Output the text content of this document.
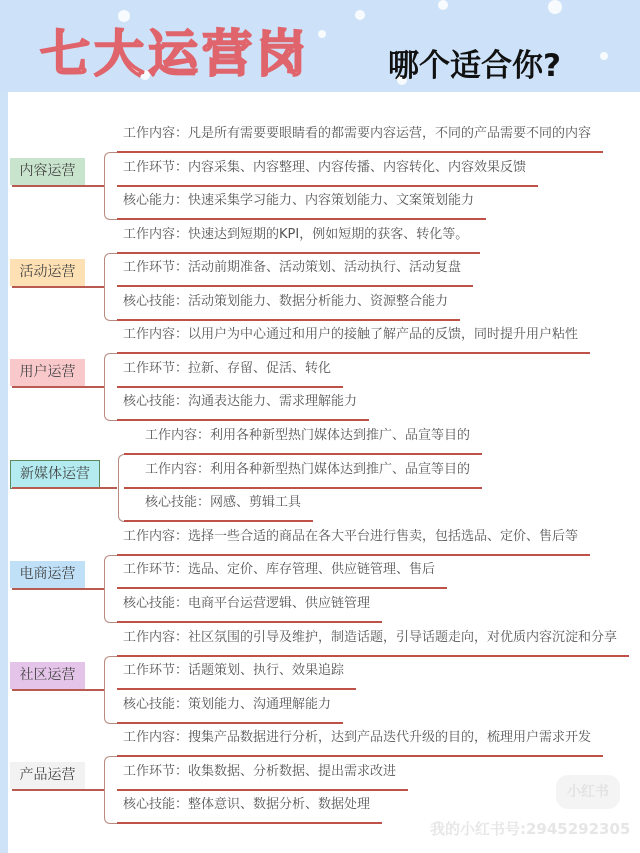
七大运营岗	哪个适合你?
内容运营
工作内容：凡是所有需要要眼睛看的都需要内容运营，不同的产品需要不同的内容
工作环节：内容采集、内容整理、内容传播、内容转化、内容效果反馈
核心能力：快速采集学习能力、内容策划能力、文案策划能力
活动运营
工作内容：快速达到短期的KPI，例如短期的获客、转化等。
工作环节：活动前期准备、活动策划、活动执行、活动复盘
核心技能：活动策划能力、数据分析能力、资源整合能力
用户运营
工作内容：以用户为中心通过和用户的接触了解产品的反馈，同时提升用户粘性
工作环节：拉新、存留、促活、转化
核心技能：沟通表达能力、需求理解能力
新媒体运营
工作内容：利用各种新型热门媒体达到推广、品宣等目的
工作内容：利用各种新型热门媒体达到推广、品宣等目的
核心技能：网感、剪辑工具
电商运营
工作内容：选择一些合适的商品在各大平台进行售卖，包括选品、定价、售后等
工作环节：选品、定价、库存管理、供应链管理、售后
核心技能：电商平台运营逻辑、供应链管理
社区运营
工作内容：社区氛围的引导及维护，制造话题，引导话题走向，对优质内容沉淀和分享
工作环节：话题策划、执行、效果追踪
核心技能：策划能力、沟通理解能力
产品运营
工作内容：搜集产品数据进行分析，达到产品迭代升级的目的，梳理用户需求开发
工作环节：收集数据、分析数据、提出需求改进
核心技能：整体意识、数据分析、数据处理
小红书
我的小红书号:2945292305
